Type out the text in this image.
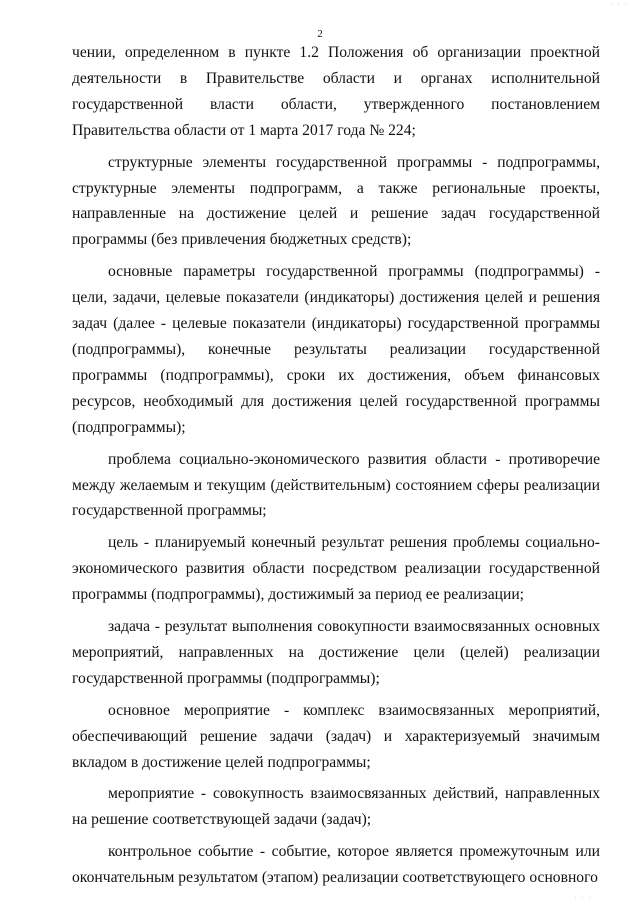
· · ·
2

чении, определенном в пункте 1.2 Положения об организации проектной деятельности в Правительстве области и органах исполнительной государственной власти области, утвержденного постановлением Правительства области от 1 марта 2017 года № 224;

структурные элементы государственной программы - подпрограммы, структурные элементы подпрограмм, а также региональные проекты, направленные на достижение целей и решение задач государственной программы (без привлечения бюджетных средств);

основные параметры государственной программы (подпрограммы) - цели, задачи, целевые показатели (индикаторы) достижения целей и решения задач (далее - целевые показатели (индикаторы) государственной программы (подпрограммы), конечные результаты реализации государственной программы (подпрограммы), сроки их достижения, объем финансовых ресурсов, необходимый для достижения целей государственной программы (подпрограммы);

проблема социально-экономического развития области - противоречие между желаемым и текущим (действительным) состоянием сферы реализации государственной программы;

цель - планируемый конечный результат решения проблемы социально-экономического развития области посредством реализации государственной программы (подпрограммы), достижимый за период ее реализации;

задача - результат выполнения совокупности взаимосвязанных основных мероприятий, направленных на достижение цели (целей) реализации государственной программы (подпрограммы);

основное мероприятие - комплекс взаимосвязанных мероприятий, обеспечивающий решение задачи (задач) и характеризуемый значимым вкладом в достижение целей подпрограммы;

мероприятие - совокупность взаимосвязанных действий, направленных на решение соответствующей задачи (задач);

контрольное событие - событие, которое является промежуточным или окончательным результатом (этапом) реализации соответствующего основного

· · ·
